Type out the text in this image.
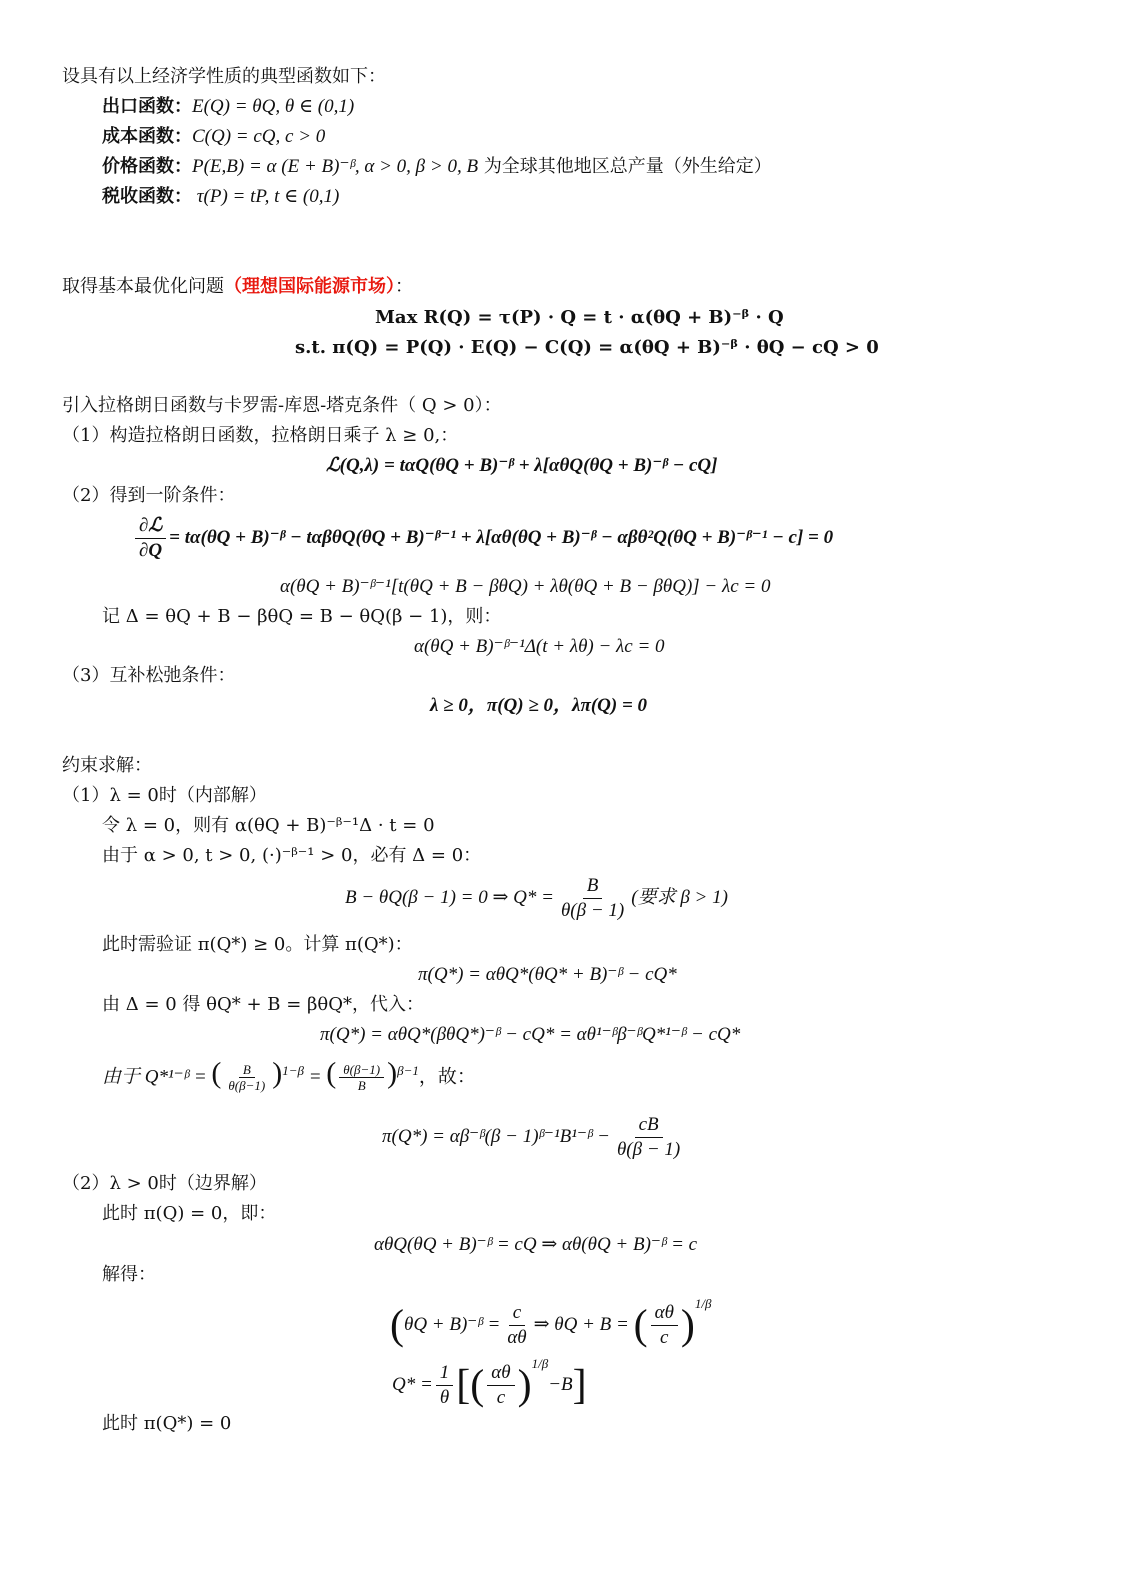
设具有以上经济学性质的典型函数如下：
出口函数：E(Q) = θQ, θ ∈ (0,1)
成本函数：C(Q) = cQ, c > 0
价格函数：P(E,B) = α (E + B)⁻ᵝ, α > 0, β > 0, B 为全球其他地区总产量（外生给定）
税收函数： τ(P) = tP, t ∈ (0,1)
取得基本最优化问题（理想国际能源市场）：
Max R(Q) = τ(P) · Q = t · α(θQ + B)⁻ᵝ · Q
s.t. π(Q) = P(Q) · E(Q) − C(Q) = α(θQ + B)⁻ᵝ · θQ − cQ > 0
引入拉格朗日函数与卡罗需-库恩-塔克条件（ Q > 0）：
（1）构造拉格朗日函数，拉格朗日乘子 λ ≥ 0,：
ℒ(Q,λ) = tαQ(θQ + B)⁻ᵝ + λ[αθQ(θQ + B)⁻ᵝ − cQ]
（2）得到一阶条件：
$\frac{\text{∂ℒ}}{\partial Q} = t\alpha(\theta Q$ + B)⁻ᵝ − tαβθQ(θQ + B)⁻ᵝ⁻¹ + λ[αθ(θQ + B)⁻ᵝ − αβθ²Q(θQ + B)⁻ᵝ⁻¹ − c] = 0
α(θQ + B)⁻ᵝ⁻¹[t(θQ + B − βθQ) + λθ(θQ + B − βθQ)] − λc = 0
记 Δ = θQ + B − βθQ = B − θQ(β − 1)，则：
α(θQ + B)⁻ᵝ⁻¹Δ(t + λθ) − λc = 0
（3）互补松弛条件：
λ ≥ 0，π(Q) ≥ 0，λπ(Q) = 0
约束求解：
（1）λ = 0时（内部解）
令 λ = 0，则有 α(θQ + B)⁻ᵝ⁻¹Δ · t = 0
由于 α > 0, t > 0, (·)⁻ᵝ⁻¹ > 0，必有 Δ = 0：
B − θQ(β − 1) = 0 ⇒ $Q* = \frac{B}{\theta(\beta - 1)}$ (要求 β > 1)
此时需验证 π(Q*) ≥ 0。计算 π(Q*)：
π(Q*) = αθQ*(θQ* + B)⁻ᵝ − cQ*
由 Δ = 0 得 θQ* + B = βθQ*，代入：
π(Q*) = αθQ*(βθQ*)⁻ᵝ − cQ* = αθ¹⁻ᵝβ⁻ᵝQ*¹⁻ᵝ − cQ*
由于 Q*¹⁻ᵝ = ( $\frac{B}{\theta(\beta-1)} )^{1-\beta}$ = ( $\frac{\theta(\beta-1)}{B} )^{\beta-1}$，故：
π(Q*) = αβ⁻ᵝ(β − 1)ᵝ⁻¹B¹⁻ᵝ − $\frac{cB}{\theta(\beta - 1)}$
（2）λ > 0时（边界解）
此时 π(Q) = 0，即：
αθQ(θQ + B)⁻ᵝ = cQ ⇒ αθ(θQ + B)⁻ᵝ = c
解得：
(θQ + B)⁻ᵝ = $\frac{c}{\alpha\theta}$ ⇒ θQ + B = ( $\frac{\alpha\theta}{c} )^{1/\beta}$
$Q* = \frac{1}{\theta}$ [( $\frac{\alpha\theta}{c} )^{1/\beta}-B$]
此时 π(Q*) = 0
